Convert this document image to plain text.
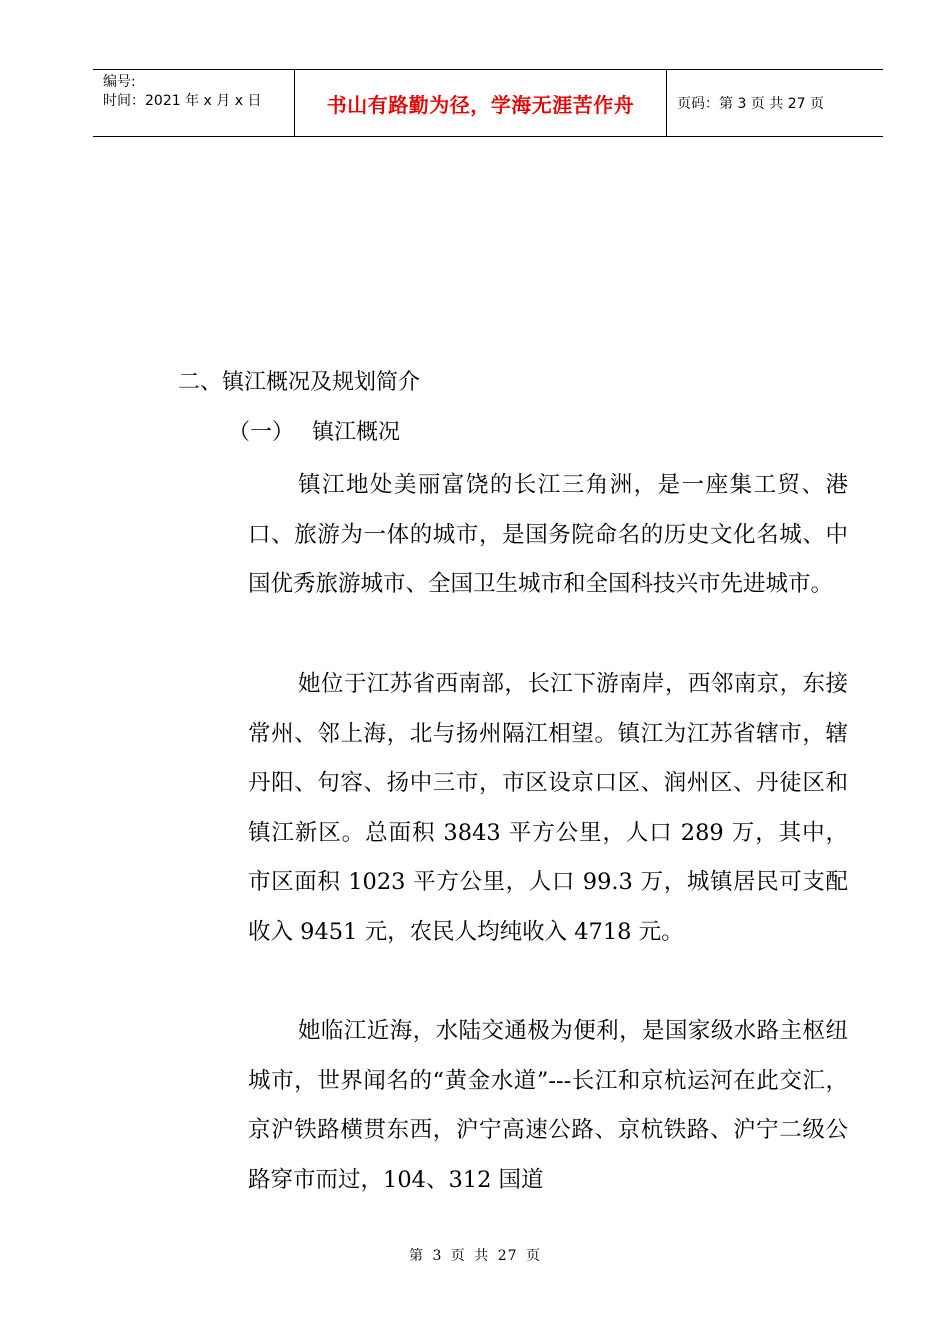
编号:
时间：2021 年 x 月 x 日	书山有路勤为径，学海无涯苦作舟	页码：第 3 页 共 27 页
二、镇江概况及规划简介
（一） 镇江概况

镇江地处美丽富饶的长江三角洲，是一座集工贸、港口、旅游为一体的城市，是国务院命名的历史文化名城、中国优秀旅游城市、全国卫生城市和全国科技兴市先进城市。

她位于江苏省西南部，长江下游南岸，西邻南京，东接常州、邻上海，北与扬州隔江相望。镇江为江苏省辖市，辖丹阳、句容、扬中三市，市区设京口区、润州区、丹徒区和镇江新区。总面积 3843 平方公里，人口 289 万，其中，市区面积 1023 平方公里，人口 99.3 万，城镇居民可支配收入 9451 元，农民人均纯收入 4718 元。

她临江近海，水陆交通极为便利，是国家级水路主枢纽城市，世界闻名的“黄金水道”---长江和京杭运河在此交汇，京沪铁路横贯东西，沪宁高速公路、京杭铁路、沪宁二级公路穿市而过，104、312 国道

第 3 页 共 27 页
